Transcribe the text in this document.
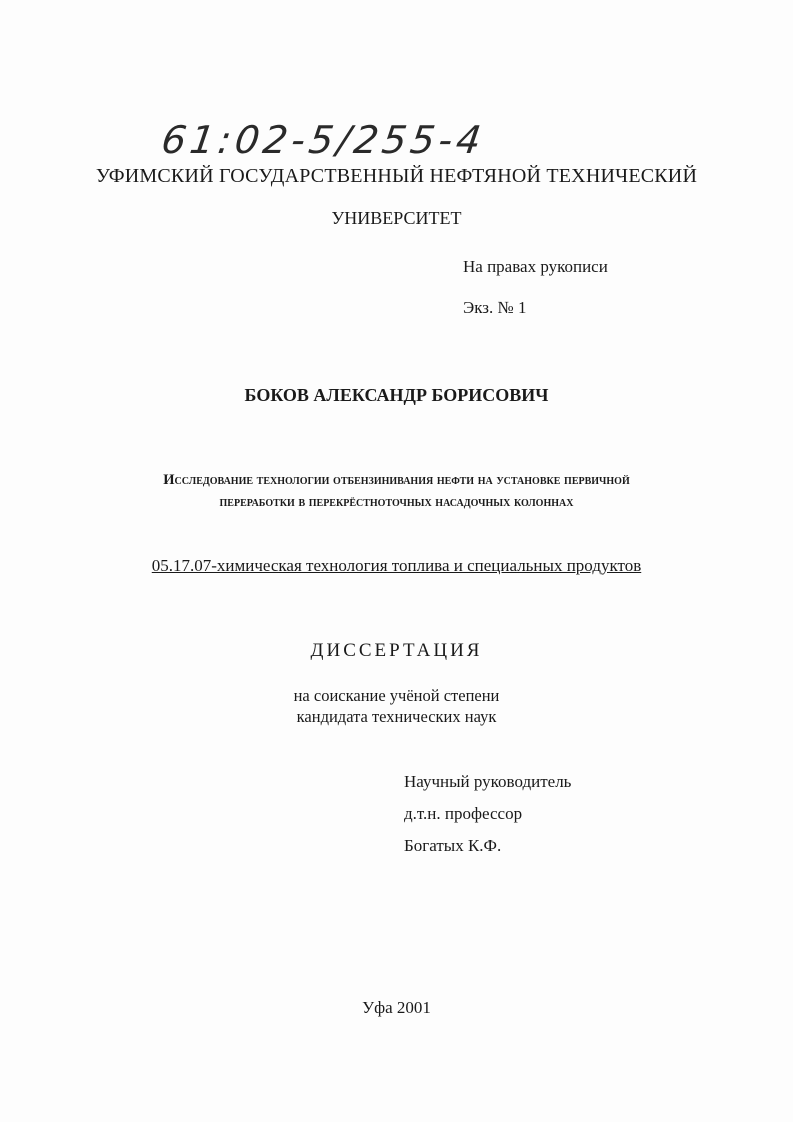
61:02-5/255-4
УФИМСКИЙ ГОСУДАРСТВЕННЫЙ НЕФТЯНОЙ ТЕХНИЧЕСКИЙ
УНИВЕРСИТЕТ
На правах рукописи
Экз. № 1
БОКОВ АЛЕКСАНДР БОРИСОВИЧ
Исследование технологии отбензинивания нефти на установке первичной
переработки в перекрёстноточных насадочных колоннах
05.17.07-химическая технология топлива и специальных продуктов
ДИССЕРТАЦИЯ
на соискание учёной степени
кандидата технических наук
Научный руководитель
д.т.н. профессор
Богатых К.Ф.
Уфа 2001
